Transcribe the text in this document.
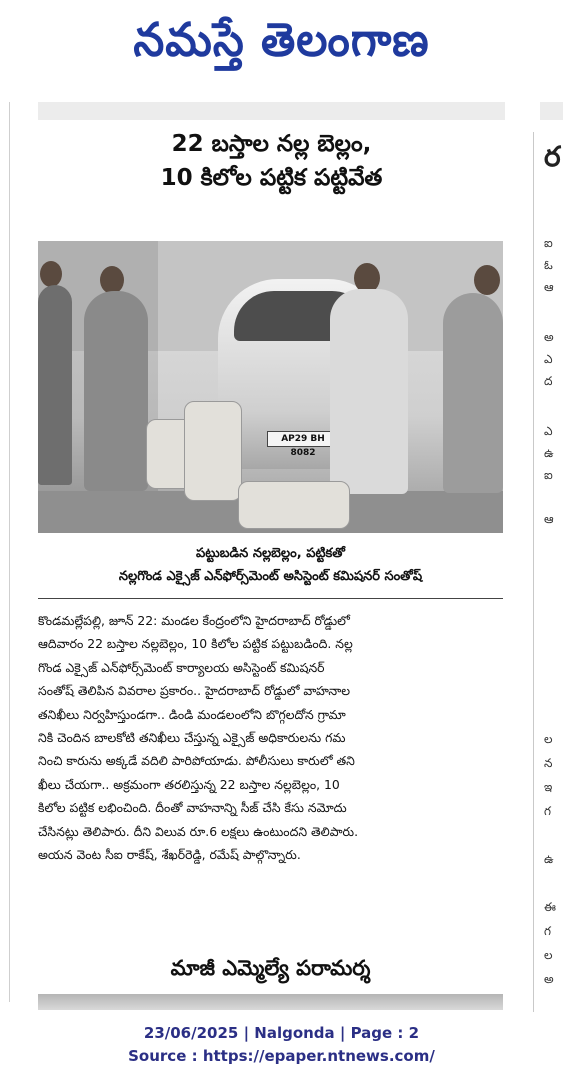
నమస్తే తెలంగాణ
22 బస్తాల నల్ల బెల్లం,
10 కిలోల పట్టిక పట్టివేత
AP29 BH 8082
పట్టుబడిన నల్లబెల్లం, పట్టికతో
నల్లగొండ ఎక్సైజ్ ఎన్‌ఫోర్స్‌మెంట్ అసిస్టెంట్ కమిషనర్ సంతోష్
కొండమల్లేపల్లి, జూన్ 22: మండల కేంద్రంలోని హైదరాబాద్ రోడ్డులో
ఆదివారం 22 బస్తాల నల్లబెల్లం, 10 కిలోల పట్టిక పట్టుబడింది. నల్ల
గొండ ఎక్సైజ్ ఎన్‌ఫోర్స్‌మెంట్ కార్యాలయ అసిస్టెంట్ కమిషనర్
సంతోష్ తెలిపిన వివరాల ప్రకారం.. హైదరాబాద్ రోడ్డులో వాహనాల
తనిఖీలు నిర్వహిస్తుండగా.. డిండి మండలంలోని బొగ్గలదోన గ్రామా
నికి చెందిన బాలకోటి తనిఖీలు చేస్తున్న ఎక్సైజ్ అధికారులను గమ
నించి కారును అక్కడే వదిలి పారిపోయాడు. పోలీసులు కారులో తని
ఖీలు చేయగా.. అక్రమంగా తరలిస్తున్న 22 బస్తాల నల్లబెల్లం, 10
కిలోల పట్టిక లభించింది. దీంతో వాహనాన్ని సీజ్ చేసి కేసు నమోదు
చేసినట్లు తెలిపారు. దీని విలువ రూ.6 లక్షలు ఉంటుందని తెలిపారు.
అయన వెంట సీఐ రాకేష్, శేఖర్‌రెడ్డి, రమేష్ పాల్గొన్నారు.
మాజీ ఎమ్మెల్యే పరామర్శ
ర
ఐ
ఓ
ఆ
అ
ఎ
ద
ఎ
ఉ
ఐ
ఆ
ల
న
ఇ
గ
ఉ
ఈ
గ
ల
అ
23/06/2025 | Nalgonda | Page : 2
Source : https://epaper.ntnews.com/
